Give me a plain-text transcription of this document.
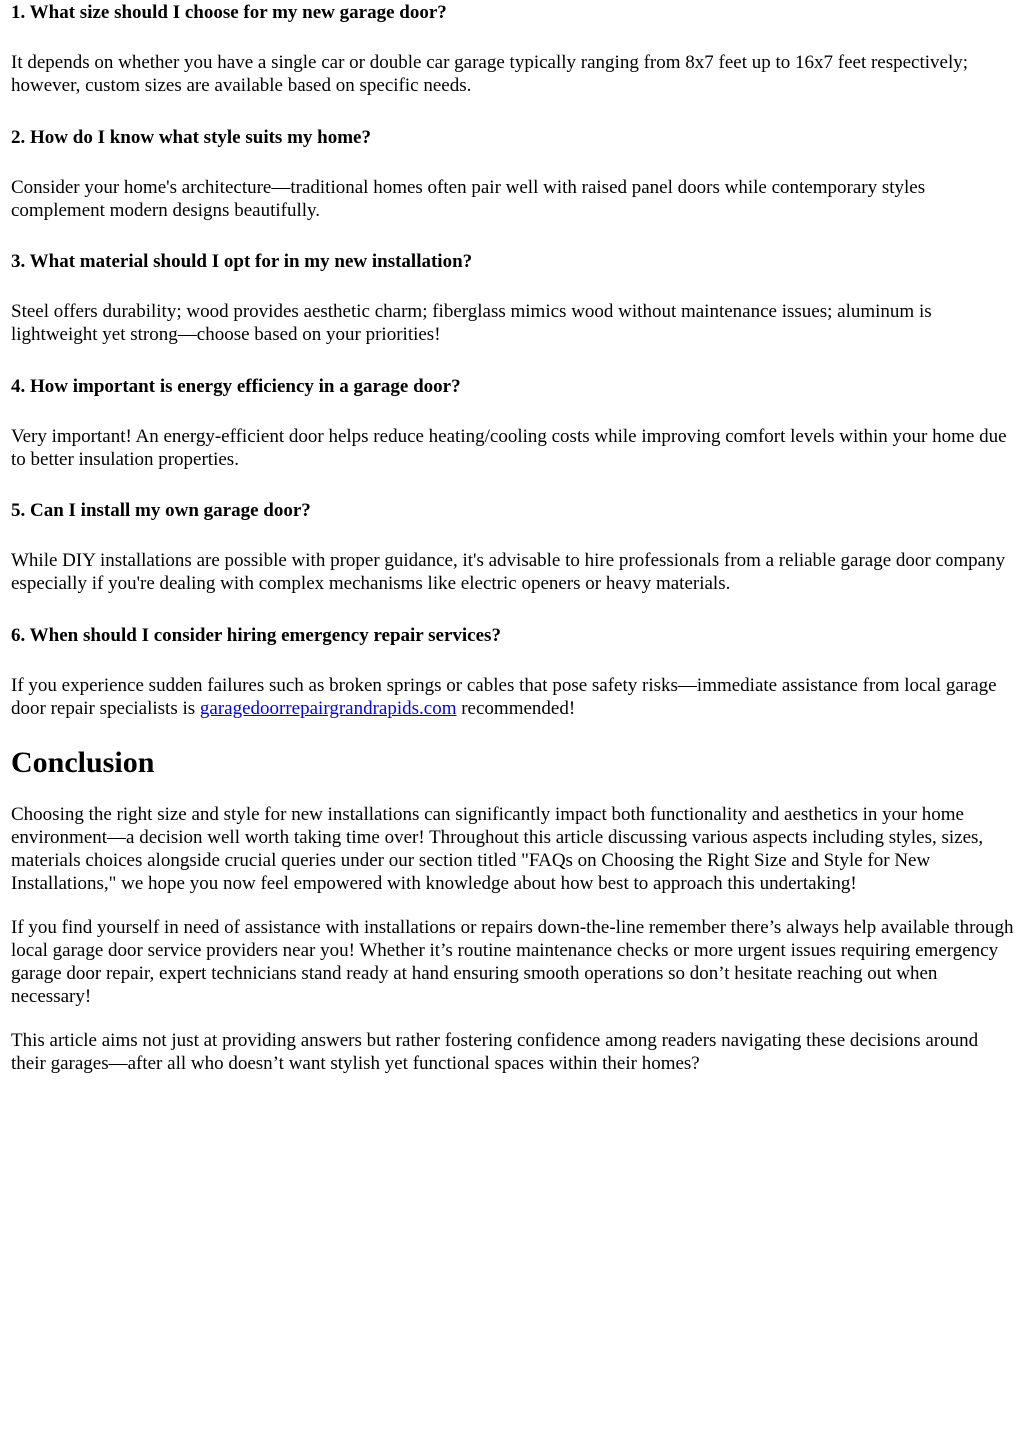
1. What size should I choose for my new garage door?
It depends on whether you have a single car or double car garage typically ranging from 8x7 feet up to 16x7 feet respectively; however, custom sizes are available based on specific needs.
2. How do I know what style suits my home?
Consider your home's architecture—traditional homes often pair well with raised panel doors while contemporary styles complement modern designs beautifully.
3. What material should I opt for in my new installation?
Steel offers durability; wood provides aesthetic charm; fiberglass mimics wood without maintenance issues; aluminum is lightweight yet strong—choose based on your priorities!
4. How important is energy efficiency in a garage door?
Very important! An energy-efficient door helps reduce heating/cooling costs while improving comfort levels within your home due to better insulation properties.
5. Can I install my own garage door?
While DIY installations are possible with proper guidance, it's advisable to hire professionals from a reliable garage door company especially if you're dealing with complex mechanisms like electric openers or heavy materials.
6. When should I consider hiring emergency repair services?
If you experience sudden failures such as broken springs or cables that pose safety risks—immediate assistance from local garage door repair specialists is garagedoorrepairgrandrapids.com recommended!
Conclusion

Choosing the right size and style for new installations can significantly impact both functionality and aesthetics in your home environment—a decision well worth taking time over! Throughout this article discussing various aspects including styles, sizes, materials choices alongside crucial queries under our section titled "FAQs on Choosing the Right Size and Style for New Installations," we hope you now feel empowered with knowledge about how best to approach this undertaking!

If you find yourself in need of assistance with installations or repairs down-the-line remember there’s always help available through local garage door service providers near you! Whether it’s routine maintenance checks or more urgent issues requiring emergency garage door repair, expert technicians stand ready at hand ensuring smooth operations so don’t hesitate reaching out when necessary!

This article aims not just at providing answers but rather fostering confidence among readers navigating these decisions around their garages—after all who doesn’t want stylish yet functional spaces within their homes?
